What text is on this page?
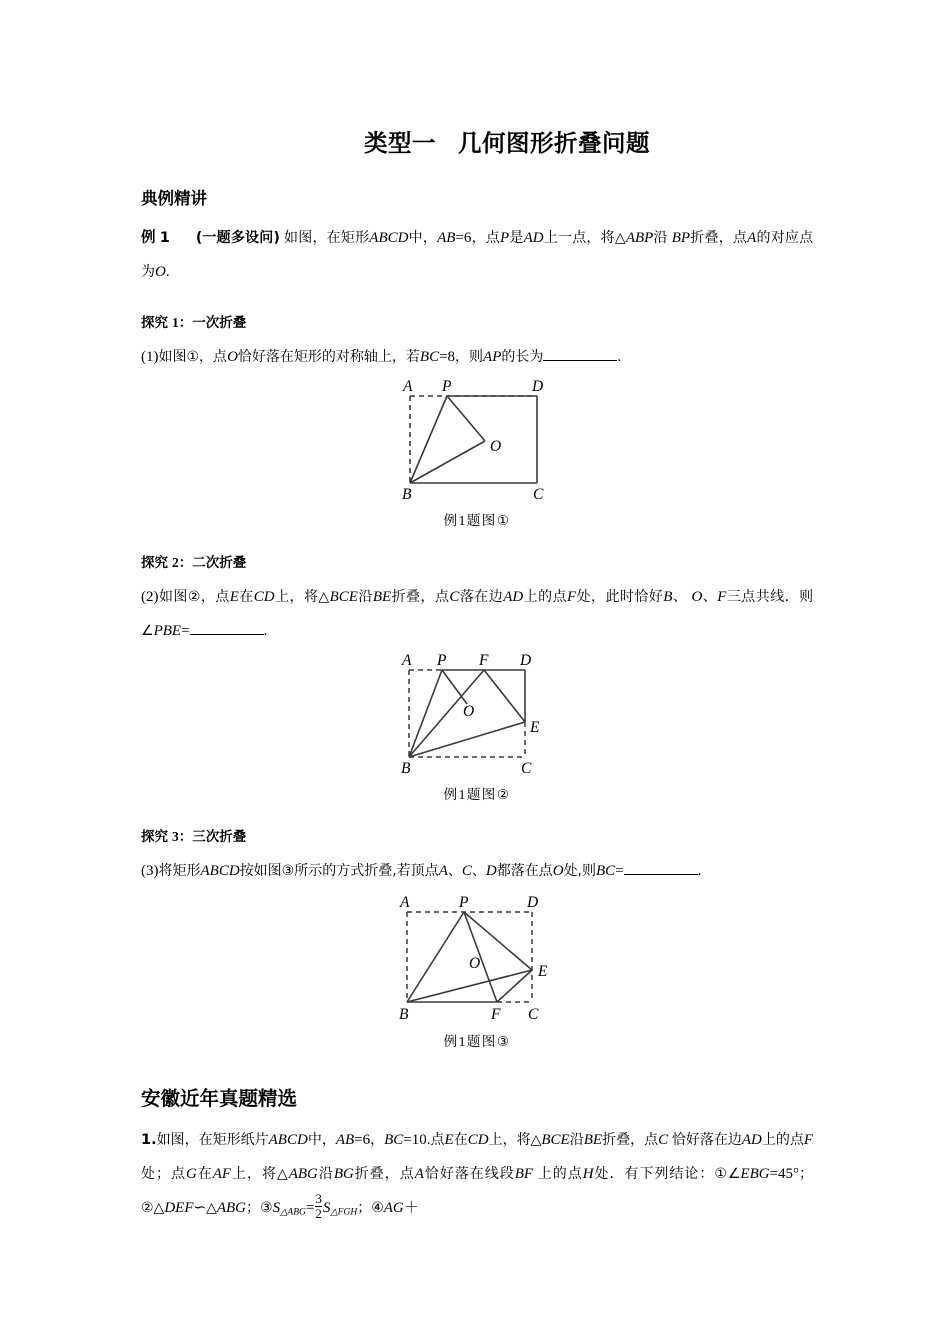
类型一 几何图形折叠问题
典例精讲

例 1 (一题多设问) 如图，在矩形ABCD中，AB=6，点P是AD上一点，将△ABP沿 BP折叠，点A的对应点为O.

探究 1：一次折叠

(1)如图①，点O恰好落在矩形的对称轴上，若BC=8，则AP的长为	.

A P	D
O
B	C
例1题图①
探究 2：二次折叠

(2)如图②，点E在CD上，将△BCE沿BE折叠，点C落在边AD上的点F处，此时恰好B、 O、F三点共线．则∠PBE=	.

A P F D
O
E
B	C
例1题图②
探究 3：三次折叠

(3)将矩形ABCD按如图③所示的方式折叠,若顶点A、C、D都落在点O处,则BC=	.

A	P	D
O	E
B	F C
例1题图③
安徽近年真题精选

1.如图，在矩形纸片ABCD中，AB=6，BC=10.点E在CD上，将△BCE沿BE折叠，点C 恰好落在边AD上的点F处；点G在AF上，将△ABG沿BG折叠，点A恰好落在线段BF 上的点H处．有下列结论：①∠EBG=45°；②△DEF∽△ABG；$③S_{\triangle ABG}= \frac{3}{2} S_{\triangle FGH}$；④AG＋
